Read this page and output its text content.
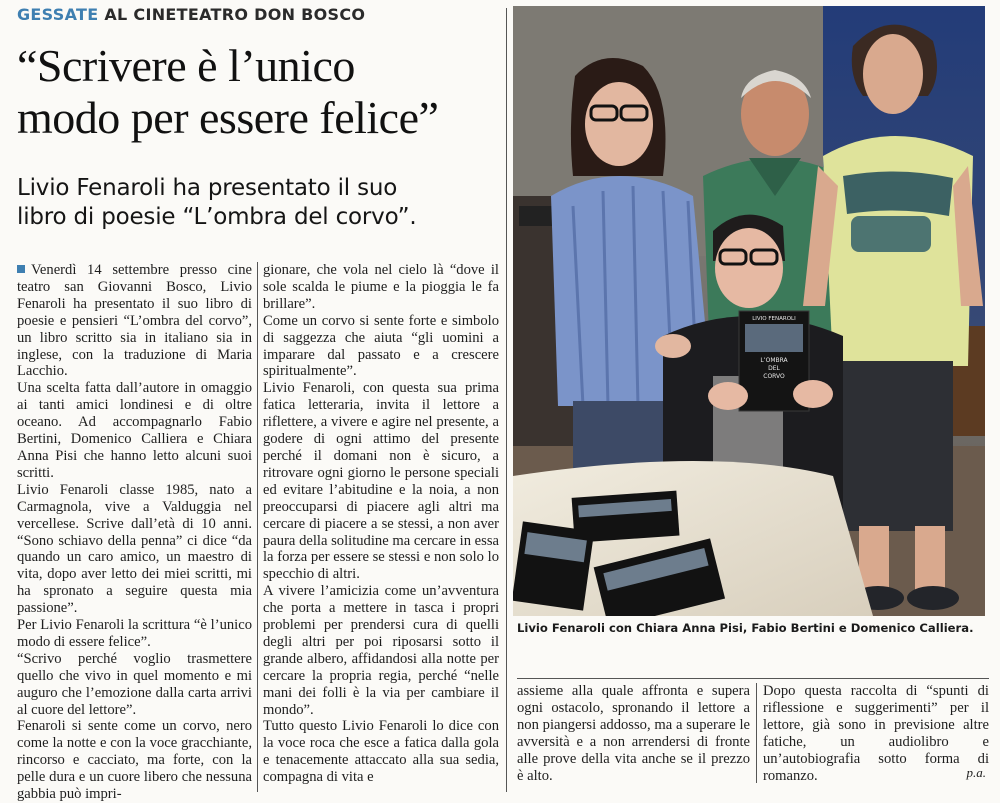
GESSATE AL CINETEATRO DON BOSCO
“Scrivere è l’unico
modo per essere felice”
Livio Fenaroli ha presentato il suo
libro di poesie “L’ombra del corvo”.

Venerdì 14 settembre presso cine teatro san Giovanni Bosco, Livio Fenaroli ha presentato il suo libro di poesie e pensieri “L’ombra del corvo”, un libro scritto sia in italiano sia in inglese, con la traduzione di Maria Lacchio.

Una scelta fatta dall’autore in omaggio ai tanti amici londinesi e di oltre oceano. Ad accompagnarlo Fabio Bertini, Domenico Calliera e Chiara Anna Pisi che hanno letto alcuni suoi scritti.

Livio Fenaroli classe 1985, nato a Carmagnola, vive a Valduggia nel vercellese. Scrive dall’età di 10 anni. “Sono schiavo della penna” ci dice “da quando un caro amico, un maestro di vita, dopo aver letto dei miei scritti, mi ha spronato a seguire questa mia passione”.

Per Livio Fenaroli la scrittura “è l’unico modo di essere felice”.

“Scrivo perché voglio trasmettere quello che vivo in quel momento e mi auguro che l’emozione dalla carta arrivi al cuore del lettore”.

Fenaroli si sente come un corvo, nero come la notte e con la voce gracchiante, rincorso e cacciato, ma forte, con la pelle dura e un cuore libero che nessuna gabbia può impri-

gionare, che vola nel cielo là “dove il sole scalda le piume e la pioggia le fa brillare”.

Come un corvo si sente forte e simbolo di saggezza che aiuta “gli uomini a imparare dal passato e a crescere spiritualmente”.

Livio Fenaroli, con questa sua prima fatica letteraria, invita il lettore a riflettere, a vivere e agire nel presente, a godere di ogni attimo del presente perché il domani non è sicuro, a ritrovare ogni giorno le persone speciali ed evitare l’abitudine e la noia, a non preoccuparsi di piacere agli altri ma cercare di piacere a se stessi, a non aver paura della solitudine ma cercare in essa la forza per essere se stessi e non solo lo specchio di altri.

A vivere l’amicizia come un’avventura che porta a mettere in tasca i propri problemi per prendersi cura di quelli degli altri per poi riposarsi sotto il grande albero, affidandosi alla notte per cercare la propria regia, perché “nelle mani dei folli è la via per cambiare il mondo”.

Tutto questo Livio Fenaroli lo dice con la voce roca che esce a fatica dalla gola e tenacemente attaccato alla sua sedia, compagna di vita e

LIVIO FENAROLI
L’OMBRA
DEL
CORVO
Livio Fenaroli con Chiara Anna Pisi, Fabio Bertini e Domenico Calliera.

assieme alla quale affronta e supera ogni ostacolo, spronando il lettore a non piangersi addosso, ma a superare le avversità e a non arrendersi di fronte alle prove della vita anche se il prezzo è alto.

Dopo questa raccolta di “spunti di riflessione e suggerimenti” per il lettore, già sono in previsione altre fatiche, un audiolibro e un’autobiografia sotto forma di romanzo.	p.a.
